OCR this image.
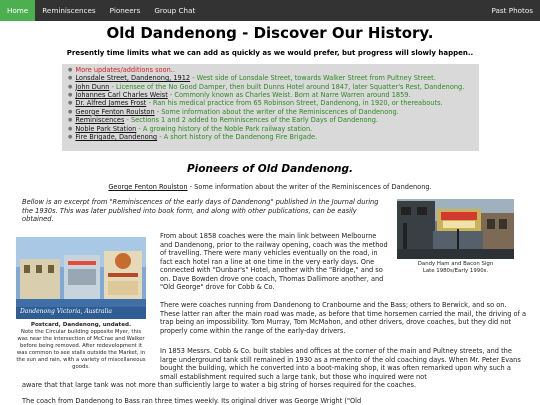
Home	Reminiscences	Pioneers	Group Chat	Past Photos
Old Dandenong - Discover Our History.
Presently time limits what we can add as quickly as we would prefer, but progress will slowly happen..
● More updates/additions soon..
● Lonsdale Street, Dandenong, 1912 - West side of Lonsdale Street, towards Walker Street from Pultney Street.
● John Dunn - Licensee of the No Good Damper, then built Dunns Hotel around 1847, later Squatter's Rest, Dandenong.
● Johannes Carl Charles Weist - Commonly known as Charles Weist. Born at Narre Warren around 1859.
● Dr. Alfred James Frost - Ran his medical practice from 65 Robinson Street, Dandenong, in 1920, or thereabouts.
● George Fenton Roulston - Some information about the writer of the Reminiscences of Dandenong.
● Reminiscences - Sections 1 and 2 added to Reminiscences of the Early Days of Dandenong.
● Noble Park Station - A growing history of the Noble Park railway station.
● Fire Brigade, Dandenong - A short history of the Dandenong Fire Brigade.
Pioneers of Old Dandenong.
George Fenton Roulston - Some information about the writer of the Reminiscences of Dandenong.
Bellow is an excerpt from "Reminiscences of the early days of Dandenong" published in the Journal during the 1930s. This was later published into book form, and along with other publications, can be easily obtained.
Dandy Ham and Bacon Sign
Late 1980s/Early 1990s.
Dandenong Victoria, Australia
Postcard, Dandenong, undated.
Note the Circular building opposite Myer, this was near the intersection of McCrae and Walker before being removed. After redevelopment it was common to see stalls outside the Market, in the sun and rain, with a variety of miscellaneous goods.
From about 1858 coaches were the main link between Melbourne and Dandenong, prior to the railway opening, coach was the method of travelling. There were many vehicles eventually on the road, in fact each hotel ran a line at one time in the very early days. One connected with "Dunbar's" Hotel, another with the "Bridge," and so on. Dave Bowden drove one coach, Thomas Dallimore another, and "Old George" drove for Cobb & Co.
There were coaches running from Dandenong to Cranbourne and the Bass; others to Berwick, and so on. These latter ran after the main road was made, as before that time horsemen carried the mail, the driving of a trap being an impossibility. Tom Murray, Tom McMahon, and other drivers, drove coaches, but they did not properly come within the range of the early-day drivers.
In 1853 Messrs. Cobb & Co. built stables and offices at the corner of the main and Pultney streets, and the large underground tank still remained in 1930 as a memento of the old coaching days. When Mr. Peter Evans bought the building, which he converted into a boot-making shop, it was often remarked upon why such a small establishment required such a large tank, but those who inquired were not
aware that that large tank was not more than sufficiently large to water a big string of horses required for the coaches.
The coach from Dandenong to Bass ran three times weekly. Its original driver was George Wright ("Old
